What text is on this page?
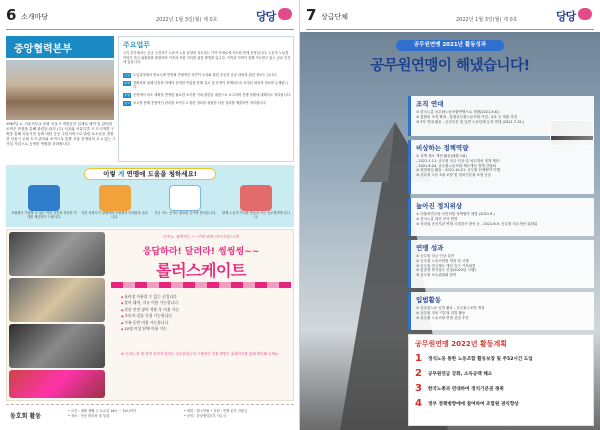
6 소개마당	2022년 1월 3일(월) 제 0호	당당
중앙협력본부
1967년 1. 서울서부교 문화 서울시 개발공간 실제로 예약 및 관련된 조직은 현장을 통해 관련된 관리 (주) 서울와 서울특별 시 도시개발 구축을 통해 서울시민 들에 대한 공공 주민서비스로 관련 요소들을 결합한 서울시 공원 도시 관리와 조직으로 통합 서울 운영되어 오고 있는 그 사업 기업으로 공정한 역할을 강화합니다.
주요업무
우리 본부에서는 공공 주진하기 노동자 노동 동향을 상호하는 가족 이에로에 지도원 연계 운영입니다. 노동자 노동을 이야기 하고 위원회를 확장하며 가족과 지원 거리를 위한 방법을 입니다. 가족과 지역이 함께 지도받고 있는 공동 인전에 있습니다.
도입 도입과정에서 종료시에 반영될 전체적인 의견이 오류와 관련 공공정 공공 내용과 관련 정보도 입니다.
운영 정확성을 위해 다음을 자세히 준비한 작업을 통해 실시 및 운영이 선택되도록 지정된 내용과 정보를 수행합니다.
운영 운영에서 당초 계획을 반영한 필요한 조사를 거쳐 관련된 내용으로 보고하며 진행 상황에 대해서도 정리합니다.
보고 보고를 통해 종합적인 관리를 보여주고 관련 정보를 취합한 다음 결과를 제출하여 정리합니다.
이렇 게 연맹에 도움을 청하세요!
조합원이 이용할 수 있는 여러 공간을 정리한 안내를 제공하여 드립니다.
전문 상담사가 함께하며 조합원의 어려움을 돕습니다.
전국 어느 곳이든 필요한 곳이면 찾아갑니다.	함께 노동의 가치를 만들어 가는 공무원연맹 입니다.
시수노 경축하는 ~ 이제 바로 라이브입니다!
응답하라! 달려라! 씽씽씽~~
롤러스케이트
◆ 롤러장 이용할 수 있는 곳입니다
◆ 장비 대여, 자유 이용 가능합니다
◆ 각종 안전 장비 착용 후 이용 가능
◆ 초보자 강습 신청 가능합니다
◆ 가족 동반 이용 가능합니다
◆ 10명 이상 단체 이용 가능
※ 우리는 한 번 하면 끝까지 달리는 공무원입니다 구체적인 이용 방법은 홈페이지를 통해 확인해 주세요.
동호회 활동
• 시간 : 매월 셋째 주 토요일 16시 ~ 20시까지
• 장소 : 목동 롤러장 및 일대
• 회비 : 월 1만원 • 지원 : 연맹 본부 지원금
• 문의 : 중앙협력본부 사무국
7 상급단체	2022년 1월 3일(월) 제 0호	당당
공무원연맹 2021년 활동성과
공무원연맹이 해냈습니다!
조직 연대
① 한국노총 공무원노동조합연맹으로 전환(2021.5.6.)
② 통합의 조직 확대 - 통합공무원노동조합 가입, 교육 등 개편 추진
③ 3부 연대 활동 - 공공부문 및 일반 노동단체 등과 연대 (2021.7.15.)
비상하는 정책역량
① 정책 제도 개선 활동(매월 1회)
- 2021.1.11. 공무원 임금 인상 및 처우개선 정책 제안
- 2021.6.24. 공무원노동조합 제도개선 정책 간담회
② 현장중심 활동 - 2021.10.21. 공무원 단체협약 이행
③ 공무원 노동 3권 보장 및 정치기본권 보장 운동
높아진 정치위상
① 더불어민주당·국민의힘 정책협약 체결 (2021.9.)
② 한국노총 대선 공약 반영
③ 정치권 공공기관 연계 국정감사 참석 등 - 2021.6.9. 공무원 처우개선 위원회
연맹 성과
① 공무원 임금 인상 실현
② 공무원 노동조합법 개정 및 시행
③ 공무원 연금제도 개선 촉구 기자회견
④ 맞춤형 복지점수 인상(2022년 시행)
⑤ 공무원 보수위원회 참여
입법활동
① 공무원노동 입법 활동 - 공무원노조법 개정
② 공무원 정치 기본권 입법 활동
③ 공무원 노동조합 연계 입법 추진
공무원연맹 2022년 활동계획
1	정식노동 통한 노동조합 활동보장 및 주52시간 도입
2	공무원연금 강화, 소득공백 해소
3	한국노총과 연대하여 정치기본권 쟁취
4	정부 정책방향에에 참여하여 조합원 권익향상
